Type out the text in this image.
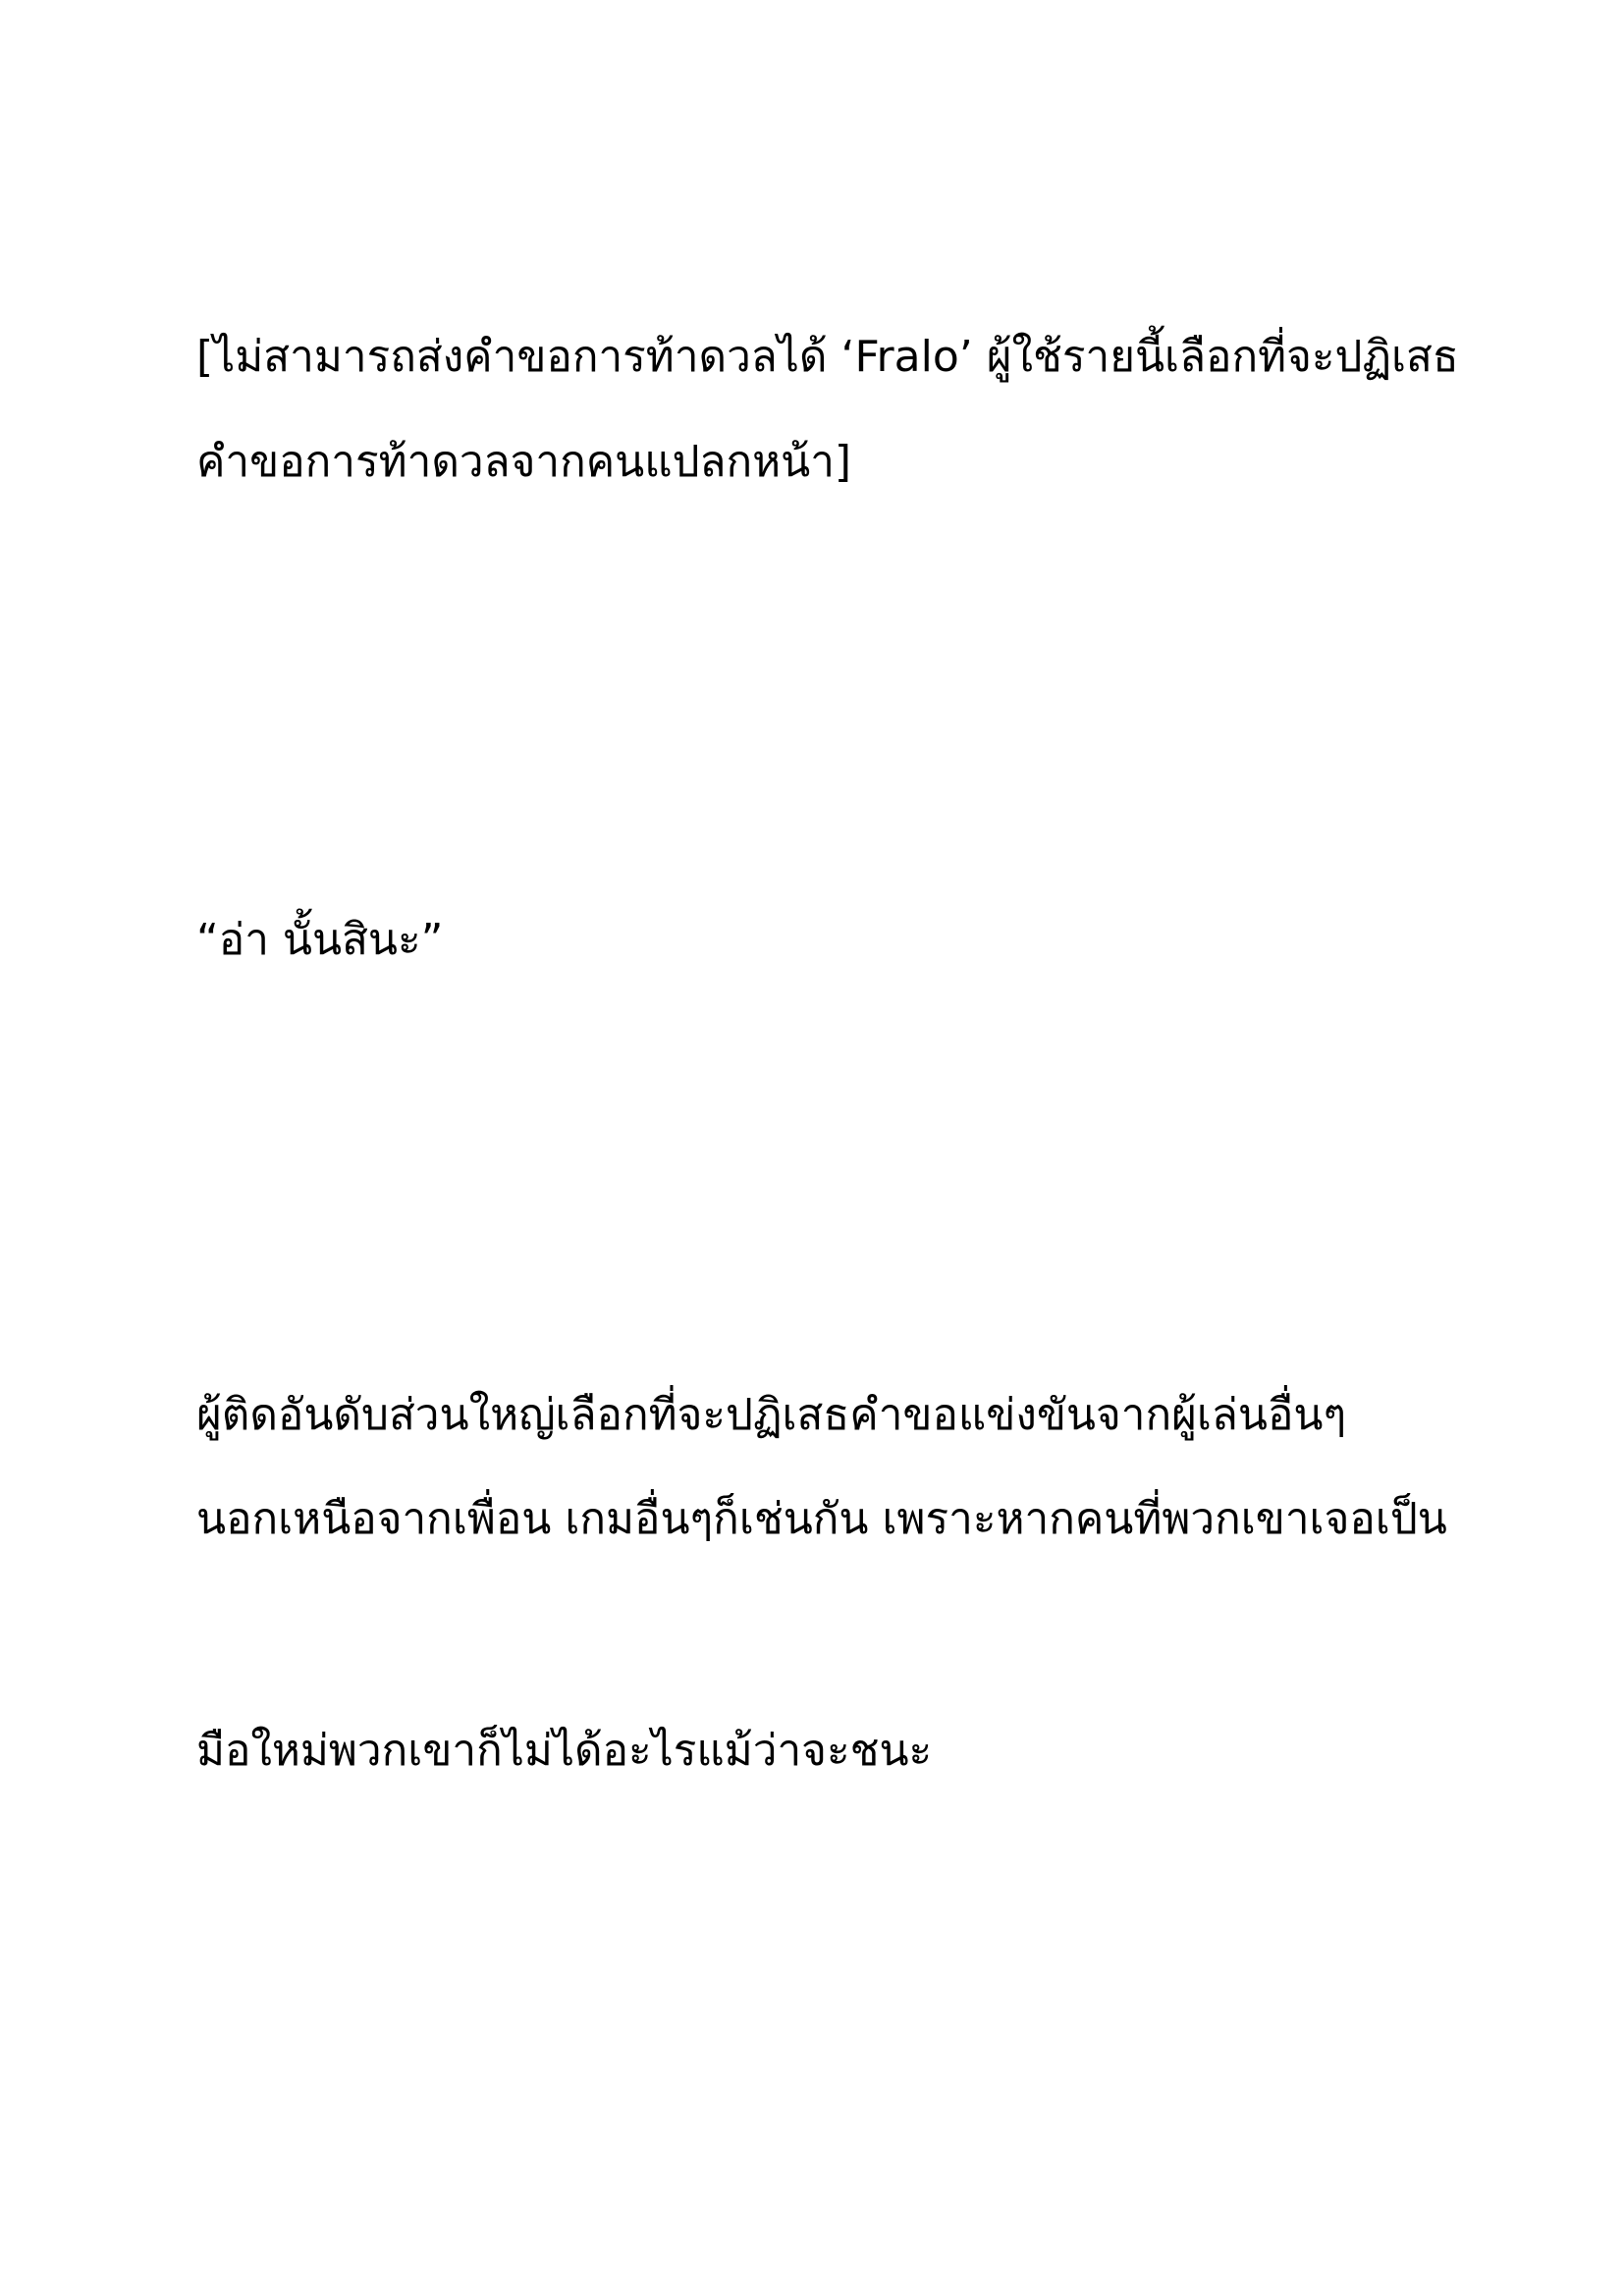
[ไม่สามารถส่งคำขอการท้าดวลได้ ‘Fralo’ ผู้ใช้รายนี้เลือกที่จะปฏิเสธ

คำขอการท้าดวลจากคนแปลกหน้า]

“อ่า นั้นสินะ”

ผู้ติดอันดับส่วนใหญ่เลือกที่จะปฏิเสธคำขอแข่งขันจากผู้เล่นอื่นๆ

นอกเหนือจากเพื่อน เกมอื่นๆก็เช่นกัน เพราะหากคนที่พวกเขาเจอเป็น

มือใหม่พวกเขาก็ไม่ได้อะไรแม้ว่าจะชนะ
